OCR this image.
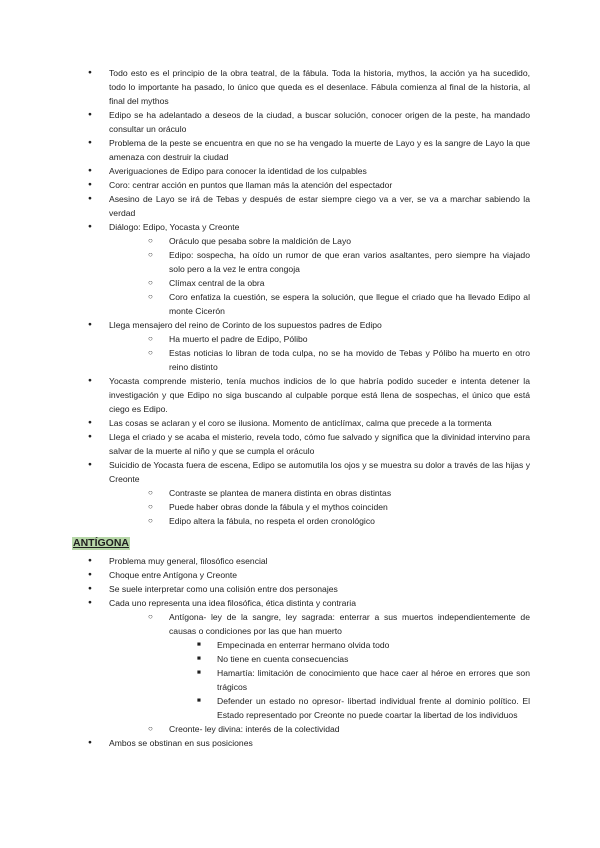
● Todo esto es el principio de la obra teatral, de la fábula. Toda la historia, mythos, la acción ya ha sucedido, todo lo importante ha pasado, lo único que queda es el desenlace. Fábula comienza al final de la historia, al final del mythos
● Edipo se ha adelantado a deseos de la ciudad, a buscar solución, conocer origen de la peste, ha mandado consultar un oráculo
● Problema de la peste se encuentra en que no se ha vengado la muerte de Layo y es la sangre de Layo la que amenaza con destruir la ciudad
● Averiguaciones de Edipo para conocer la identidad de los culpables
● Coro: centrar acción en puntos que llaman más la atención del espectador
● Asesino de Layo se irá de Tebas y después de estar siempre ciego va a ver, se va a marchar sabiendo la verdad
● Diálogo: Edipo, Yocasta y Creonte
○ Oráculo que pesaba sobre la maldición de Layo
○ Edipo: sospecha, ha oído un rumor de que eran varios asaltantes, pero siempre ha viajado solo pero a la vez le entra congoja
○ Clímax central de la obra
○ Coro enfatiza la cuestión, se espera la solución, que llegue el criado que ha llevado Edipo al monte Cicerón
● Llega mensajero del reino de Corinto de los supuestos padres de Edipo
○ Ha muerto el padre de Edipo, Pólibo
○ Estas noticias lo libran de toda culpa, no se ha movido de Tebas y Pólibo ha muerto en otro reino distinto
● Yocasta comprende misterio, tenía muchos indicios de lo que habría podido suceder e intenta detener la investigación y que Edipo no siga buscando al culpable porque está llena de sospechas, el único que está ciego es Edipo.
● Las cosas se aclaran y el coro se ilusiona. Momento de anticlímax, calma que precede a la tormenta
● Llega el criado y se acaba el misterio, revela todo, cómo fue salvado y significa que la divinidad intervino para salvar de la muerte al niño y que se cumpla el oráculo
● Suicidio de Yocasta fuera de escena, Edipo se automutila los ojos y se muestra su dolor a través de las hijas y Creonte
○ Contraste se plantea de manera distinta en obras distintas
○ Puede haber obras donde la fábula y el mythos coinciden
○ Edipo altera la fábula, no respeta el orden cronológico
ANTÍGONA
● Problema muy general, filosófico esencial
● Choque entre Antígona y Creonte
● Se suele interpretar como una colisión entre dos personajes
● Cada uno representa una idea filosófica, ética distinta y contraria
○ Antígona- ley de la sangre, ley sagrada: enterrar a sus muertos independientemente de causas o condiciones por las que han muerto
■ Empecinada en enterrar hermano olvida todo
■ No tiene en cuenta consecuencias
■ Hamartía: limitación de conocimiento que hace caer al héroe en errores que son trágicos
■ Defender un estado no opresor- libertad individual frente al dominio político. El Estado representado por Creonte no puede coartar la libertad de los individuos
○ Creonte- ley divina: interés de la colectividad
● Ambos se obstinan en sus posiciones
